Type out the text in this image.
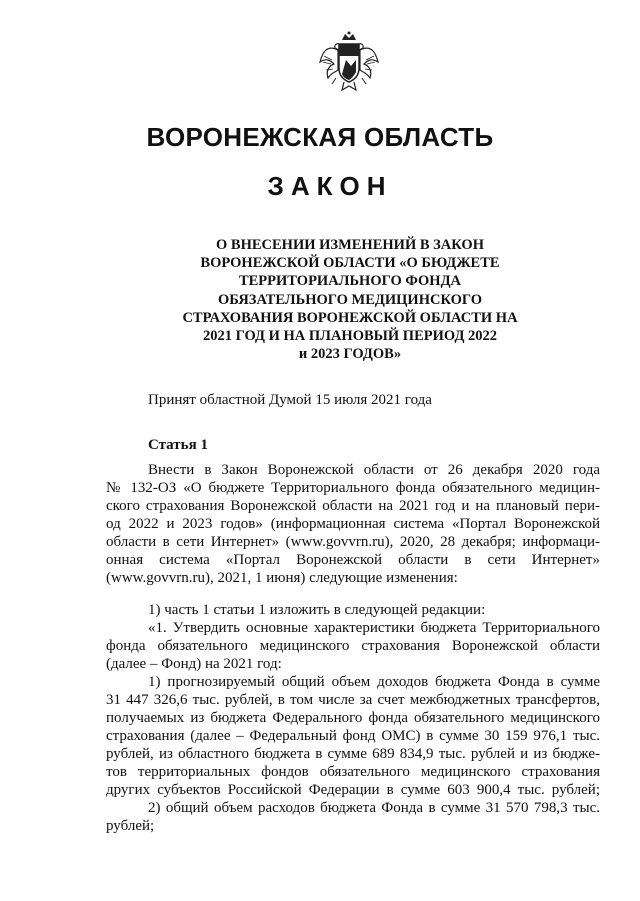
ВОРОНЕЖСКАЯ ОБЛАСТЬ
ЗАКОН
О ВНЕСЕНИИ ИЗМЕНЕНИЙ В ЗАКОН
ВОРОНЕЖСКОЙ ОБЛАСТИ «О БЮДЖЕТЕ
ТЕРРИТОРИАЛЬНОГО ФОНДА
ОБЯЗАТЕЛЬНОГО МЕДИЦИНСКОГО
СТРАХОВАНИЯ ВОРОНЕЖСКОЙ ОБЛАСТИ НА
2021 ГОД И НА ПЛАНОВЫЙ ПЕРИОД 2022
и 2023 ГОДОВ»
Принят областной Думой 15 июля 2021 года
Статья 1
Внести в Закон Воронежской области от 26 декабря 2020 года
№ 132-ОЗ «О бюджете Территориального фонда обязательного медицин-
ского страхования Воронежской области на 2021 год и на плановый пери-
од 2022 и 2023 годов» (информационная система «Портал Воронежской
области в сети Интернет» (www.govvrn.ru), 2020, 28 декабря; информаци-
онная система «Портал Воронежской области в сети Интернет»
(www.govvrn.ru), 2021, 1 июня) следующие изменения:
1) часть 1 статьи 1 изложить в следующей редакции:
«1. Утвердить основные характеристики бюджета Территориального
фонда обязательного медицинского страхования Воронежской области
(далее – Фонд) на 2021 год:
1) прогнозируемый общий объем доходов бюджета Фонда в сумме
31 447 326,6 тыс. рублей, в том числе за счет межбюджетных трансфертов,
получаемых из бюджета Федерального фонда обязательного медицинского
страхования (далее – Федеральный фонд ОМС) в сумме 30 159 976,1 тыс.
рублей, из областного бюджета в сумме 689 834,9 тыс. рублей и из бюдже-
тов территориальных фондов обязательного медицинского страхования
других субъектов Российской Федерации в сумме 603 900,4 тыс. рублей;
2) общий объем расходов бюджета Фонда в сумме 31 570 798,3 тыс.
рублей;
